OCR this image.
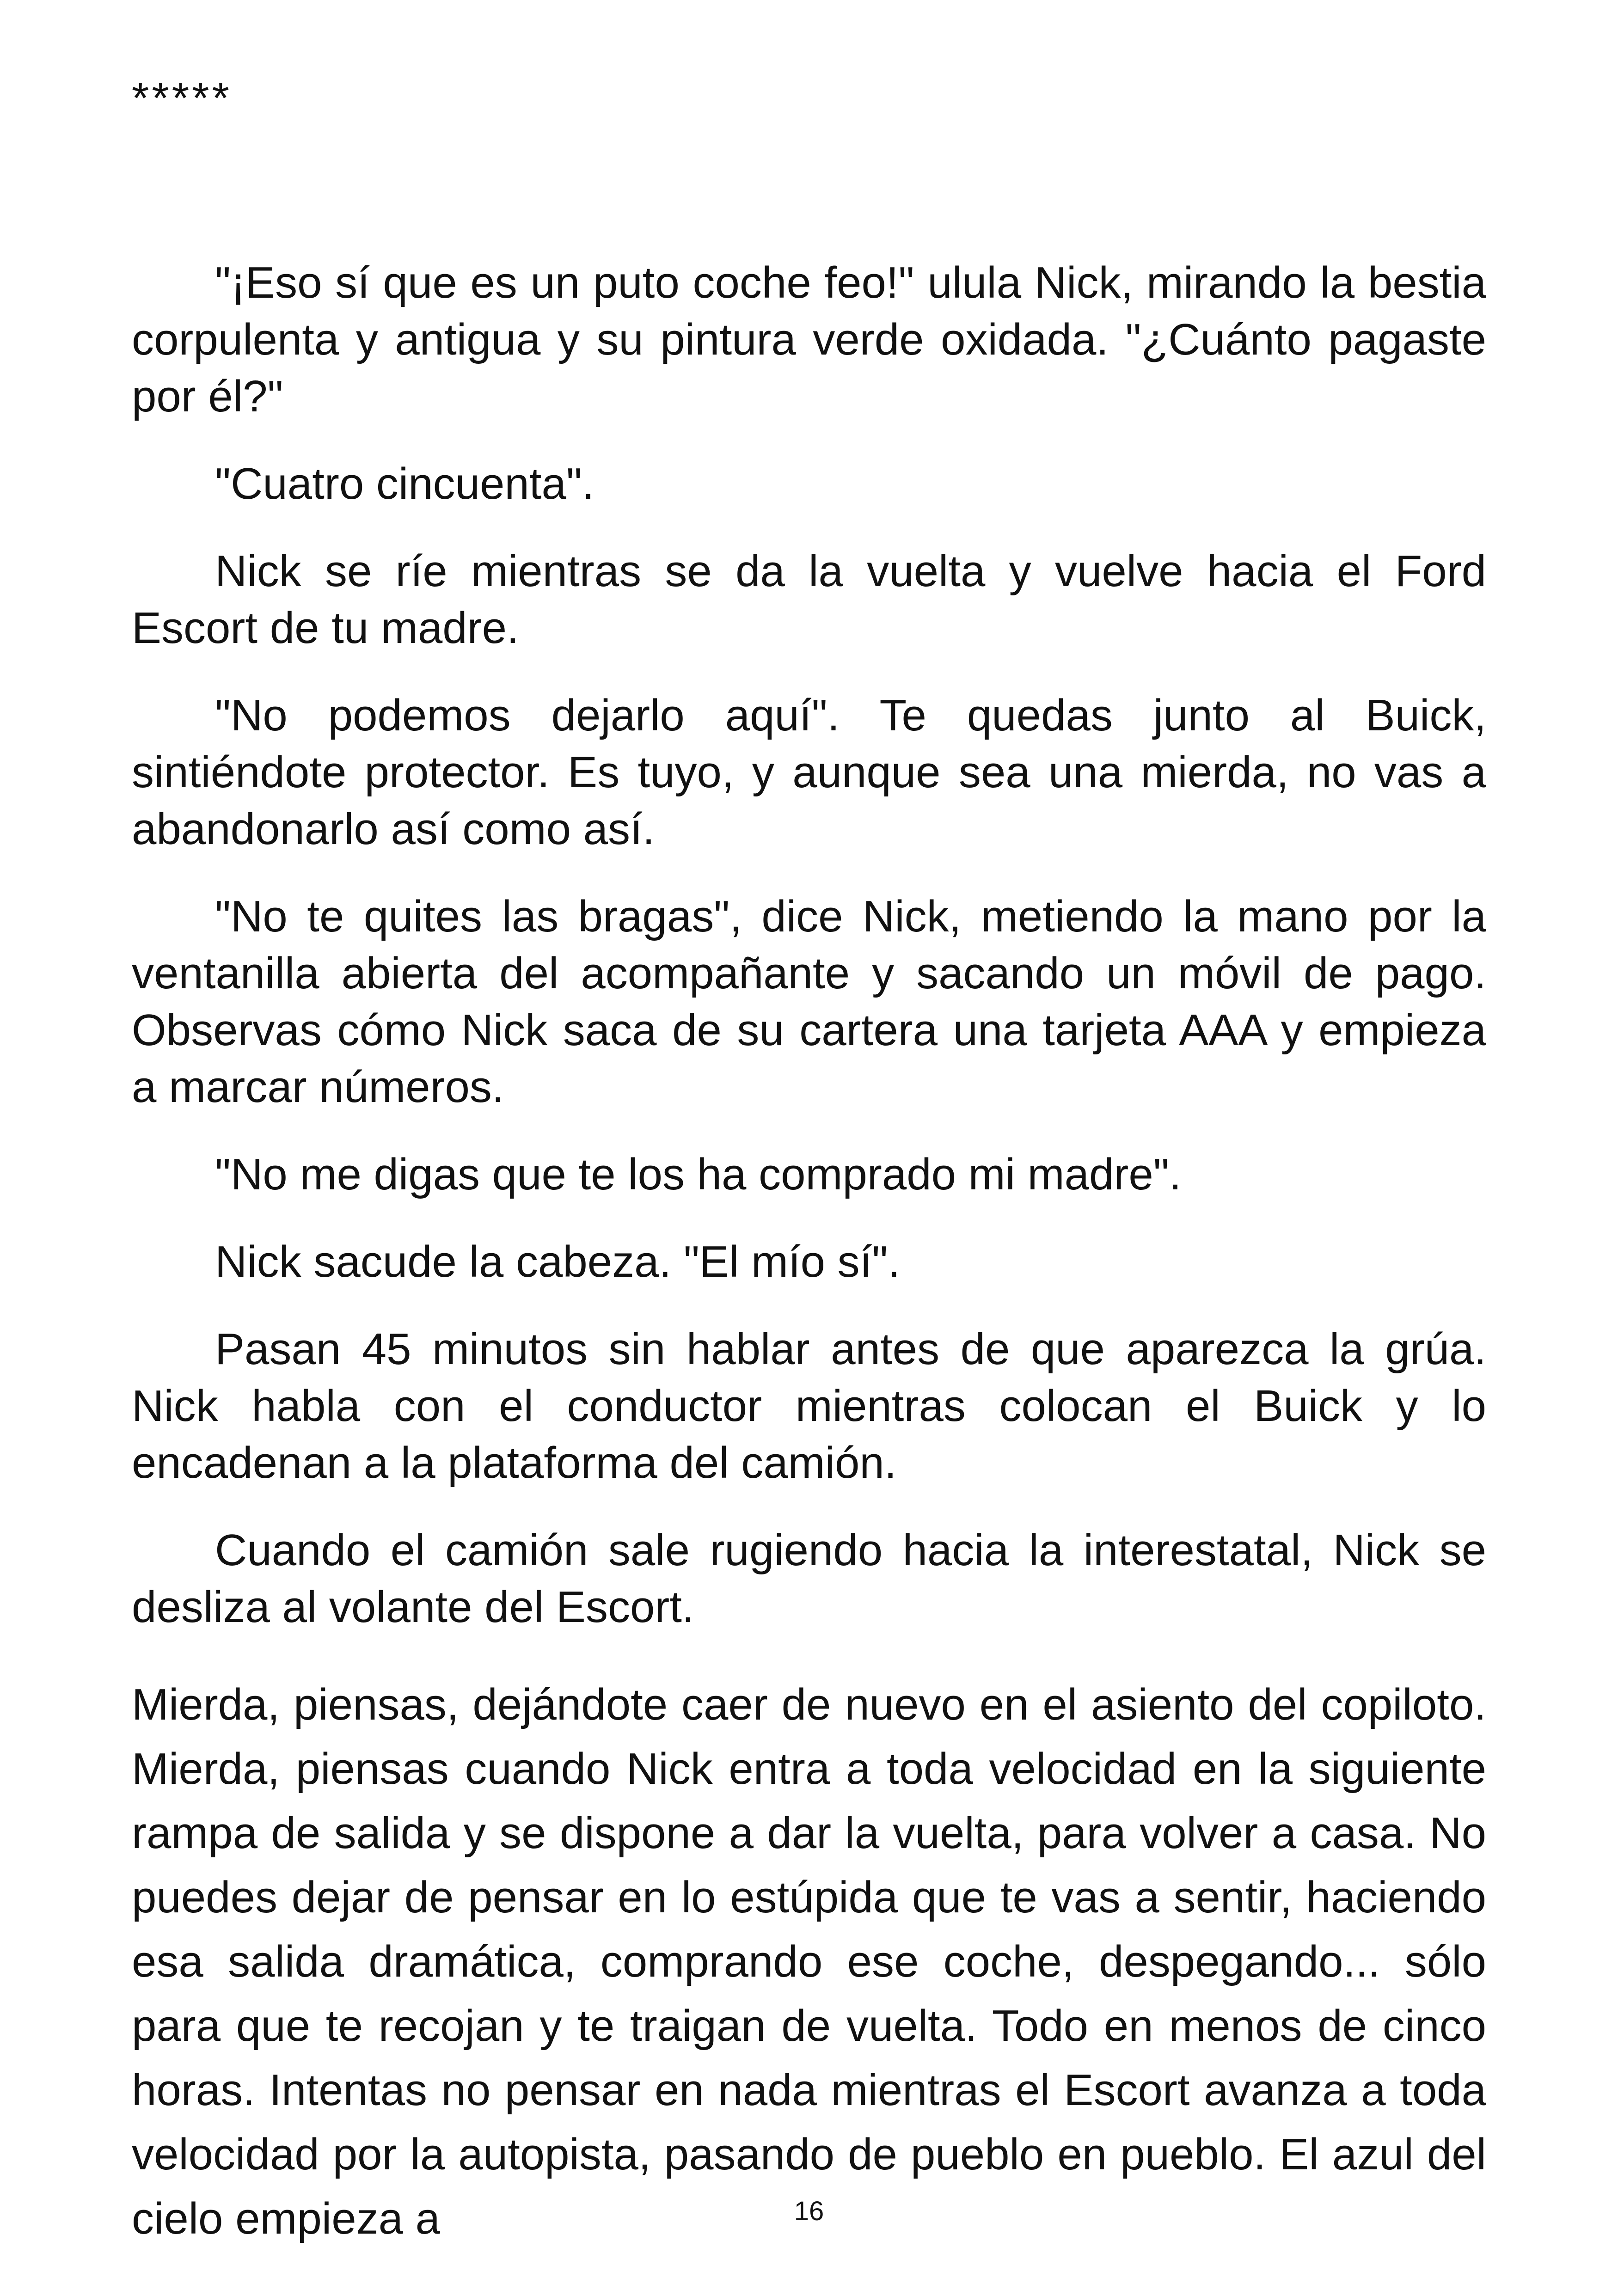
*****

"¡Eso sí que es un puto coche feo!" ulula Nick, mirando la bestia corpulenta y antigua y su pintura verde oxidada. "¿Cuánto pagaste por él?"

"Cuatro cincuenta".

Nick se ríe mientras se da la vuelta y vuelve hacia el Ford Escort de tu madre.

"No podemos dejarlo aquí". Te quedas junto al Buick, sintiéndote protector. Es tuyo, y aunque sea una mierda, no vas a abandonarlo así como así.

"No te quites las bragas", dice Nick, metiendo la mano por la ventanilla abierta del acompañante y sacando un móvil de pago. Observas cómo Nick saca de su cartera una tarjeta AAA y empieza a marcar números.

"No me digas que te los ha comprado mi madre".

Nick sacude la cabeza. "El mío sí".

Pasan 45 minutos sin hablar antes de que aparezca la grúa. Nick habla con el conductor mientras colocan el Buick y lo encadenan a la plataforma del camión.

Cuando el camión sale rugiendo hacia la interestatal, Nick se desliza al volante del Escort.

Mierda, piensas, dejándote caer de nuevo en el asiento del copiloto. Mierda, piensas cuando Nick entra a toda velocidad en la siguiente rampa de salida y se dispone a dar la vuelta, para volver a casa. No puedes dejar de pensar en lo estúpida que te vas a sentir, haciendo esa salida dramática, comprando ese coche, despegando... sólo para que te recojan y te traigan de vuelta. Todo en menos de cinco horas. Intentas no pensar en nada mientras el Escort avanza a toda velocidad por la autopista, pasando de pueblo en pueblo. El azul del cielo empieza a	16
